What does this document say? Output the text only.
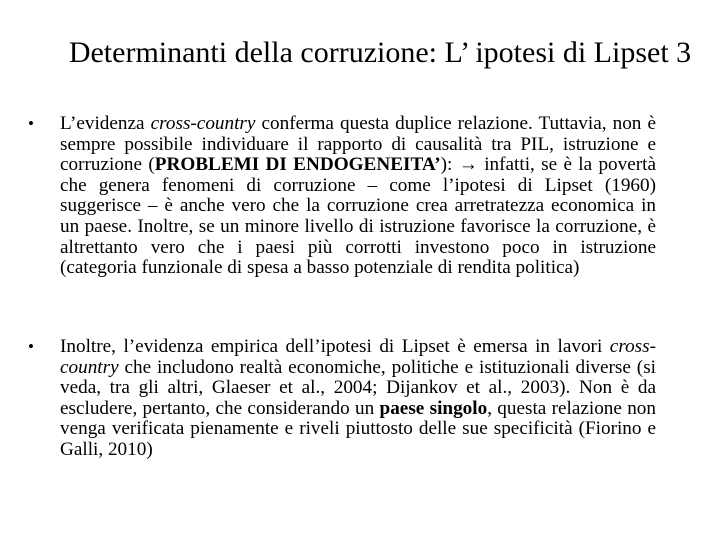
Determinanti della corruzione: L’ ipotesi di Lipset 3
• L’evidenza cross-country conferma questa duplice relazione. Tuttavia, non è sempre possibile individuare il rapporto di causalità tra PIL, istruzione e corruzione (PROBLEMI DI ENDOGENEITA’): → infatti, se è la povertà che genera fenomeni di corruzione – come l’ipotesi di Lipset (1960) suggerisce – è anche vero che la corruzione crea arretratezza economica in un paese. Inoltre, se un minore livello di istruzione favorisce la corruzione, è altrettanto vero che i paesi più corrotti investono poco in istruzione (categoria funzionale di spesa a basso potenziale di rendita politica)
• Inoltre, l’evidenza empirica dell’ipotesi di Lipset è emersa in lavori cross-country che includono realtà economiche, politiche e istituzionali diverse (si veda, tra gli altri, Glaeser et al., 2004; Dijankov et al., 2003). Non è da escludere, pertanto, che considerando un paese singolo, questa relazione non venga verificata pienamente e riveli piuttosto delle sue specificità (Fiorino e Galli, 2010)
